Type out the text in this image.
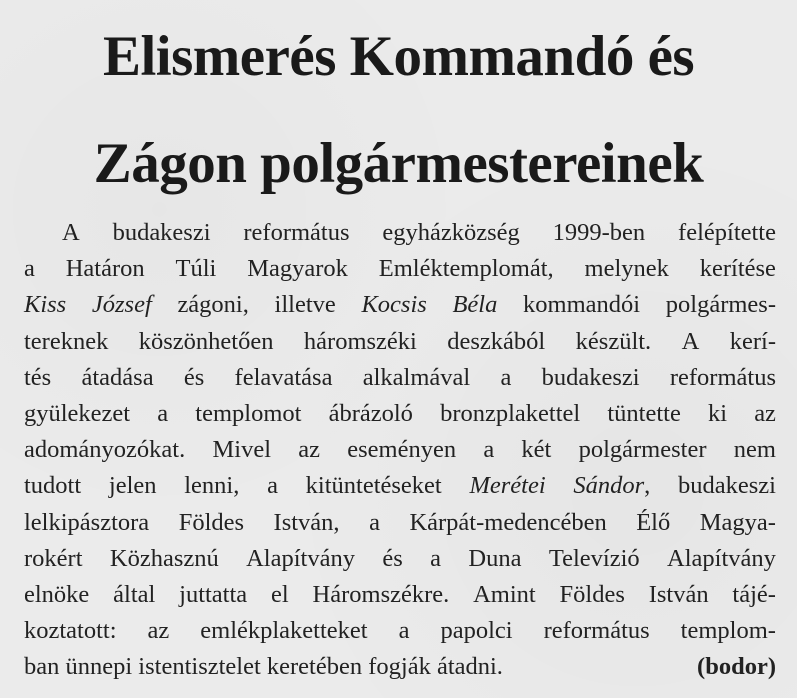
Elismerés Kommandó és
Zágon polgármestereinek
A budakeszi református egyházközség 1999-ben felépítette
a Határon Túli Magyarok Emléktemplomát, melynek kerítése
Kiss József zágoni, illetve Kocsis Béla kommandói polgármes-
tereknek köszönhetően háromszéki deszkából készült. A kerí-
tés átadása és felavatása alkalmával a budakeszi református
gyülekezet a templomot ábrázoló bronzplakettel tüntette ki az
adományozókat. Mivel az eseményen a két polgármester nem
tudott jelen lenni, a kitüntetéseket Merétei Sándor, budakeszi
lelkipásztora Földes István, a Kárpát-medencében Élő Magya-
rokért Közhasznú Alapítvány és a Duna Televízió Alapítvány
elnöke által juttatta el Háromszékre. Amint Földes István tájé-
koztatott: az emlékplaketteket a papolci református templom-
ban ünnepi istentisztelet keretében fogják átadni.	(bodor)
